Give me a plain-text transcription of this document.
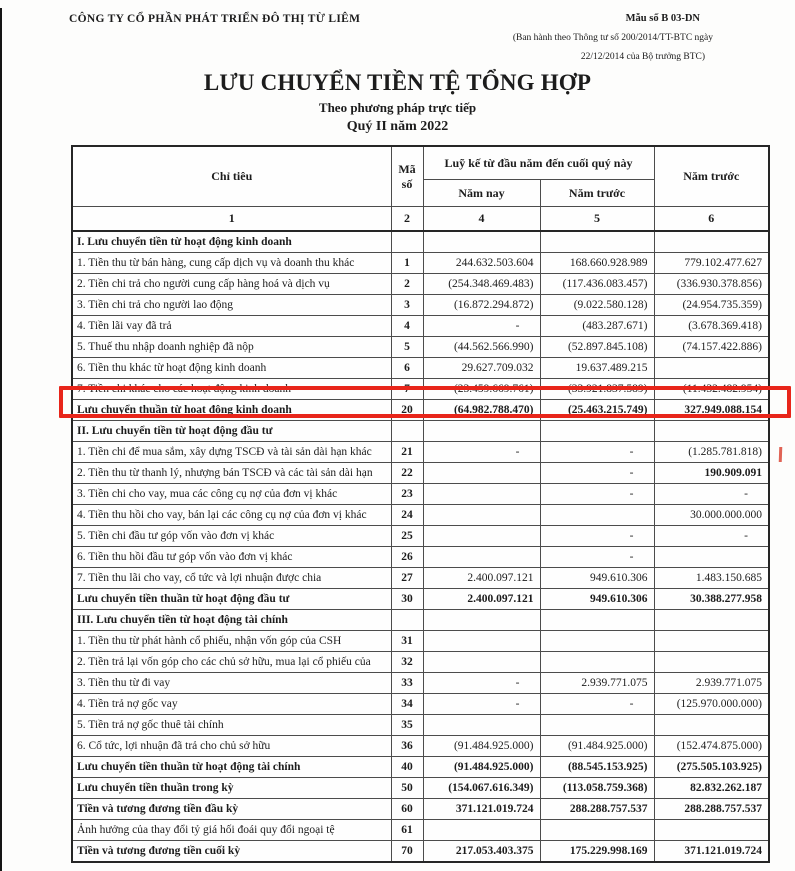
CÔNG TY CỔ PHẦN PHÁT TRIỂN ĐÔ THỊ TỪ LIÊM	Mẫu số B 03-DN
(Ban hành theo Thông tư số 200/2014/TT-BTC ngày
22/12/2014 của Bộ trưởng BTC)
LƯU CHUYỂN TIỀN TỆ TỔNG HỢP
Theo phương pháp trực tiếp
Quý II năm 2022
Chỉ tiêu	Mã số	Luỹ kế từ đầu năm đến cuối quý này		Năm trước
		Năm nay	Năm trước	
1	2	4	5	6
I. Lưu chuyển tiền từ hoạt động kinh doanh				
1. Tiền thu từ bán hàng, cung cấp dịch vụ và doanh thu khác	1	244.632.503.604	168.660.928.989	779.102.477.627
2. Tiền chi trả cho người cung cấp hàng hoá và dịch vụ	2	(254.348.469.483)	(117.436.083.457)	(336.930.378.856)
3. Tiền chi trả cho người lao động	3	(16.872.294.872)	(9.022.580.128)	(24.954.735.359)
4. Tiền lãi vay đã trả	4	-	(483.287.671)	(3.678.369.418)
5. Thuế thu nhập doanh nghiệp đã nộp	5	(44.562.566.990)	(52.897.845.108)	(74.157.422.886)
6. Tiền thu khác từ hoạt động kinh doanh	6	29.627.709.032	19.637.489.215	
7. Tiền chi khác cho các hoạt động kinh doanh	7	(23.459.669.761)	(33.921.837.589)	(11.432.482.954)
Lưu chuyển thuần từ hoạt động kinh doanh	20	(64.982.788.470)	(25.463.215.749)	327.949.088.154
II. Lưu chuyển tiền từ hoạt động đầu tư				
1. Tiền chi để mua sắm, xây dựng TSCĐ và tài sản dài hạn khác	21	-	-	(1.285.781.818)
2. Tiền thu từ thanh lý, nhượng bán TSCĐ và các tài sản dài hạn	22		-	190.909.091
3. Tiền chi cho vay, mua các công cụ nợ của đơn vị khác	23		-	-
4. Tiền thu hồi cho vay, bán lại các công cụ nợ của đơn vị khác	24			30.000.000.000
5. Tiền chi đầu tư góp vốn vào đơn vị khác	25		-	-
6. Tiền thu hồi đầu tư góp vốn vào đơn vị khác	26		-	
7. Tiền thu lãi cho vay, cổ tức và lợi nhuận được chia	27	2.400.097.121	949.610.306	1.483.150.685
Lưu chuyển tiền thuần từ hoạt động đầu tư	30	2.400.097.121	949.610.306	30.388.277.958
III. Lưu chuyển tiền từ hoạt động tài chính				
1. Tiền thu từ phát hành cổ phiếu, nhận vốn góp của CSH	31			
2. Tiền trả lại vốn góp cho các chủ sở hữu, mua lại cổ phiếu của	32			
3. Tiền thu từ đi vay	33	-	2.939.771.075	2.939.771.075
4. Tiền trả nợ gốc vay	34	-	-	(125.970.000.000)
5. Tiền trả nợ gốc thuê tài chính	35			
6. Cổ tức, lợi nhuận đã trả cho chủ sở hữu	36	(91.484.925.000)	(91.484.925.000)	(152.474.875.000)
Lưu chuyển tiền thuần từ hoạt động tài chính	40	(91.484.925.000)	(88.545.153.925)	(275.505.103.925)
Lưu chuyển tiền thuần trong kỳ	50	(154.067.616.349)	(113.058.759.368)	82.832.262.187
Tiền và tương đương tiền đầu kỳ	60	371.121.019.724	288.288.757.537	288.288.757.537
Ảnh hưởng của thay đổi tỷ giá hối đoái quy đổi ngoại tệ	61			
Tiền và tương đương tiền cuối kỳ	70	217.053.403.375	175.229.998.169	371.121.019.724
